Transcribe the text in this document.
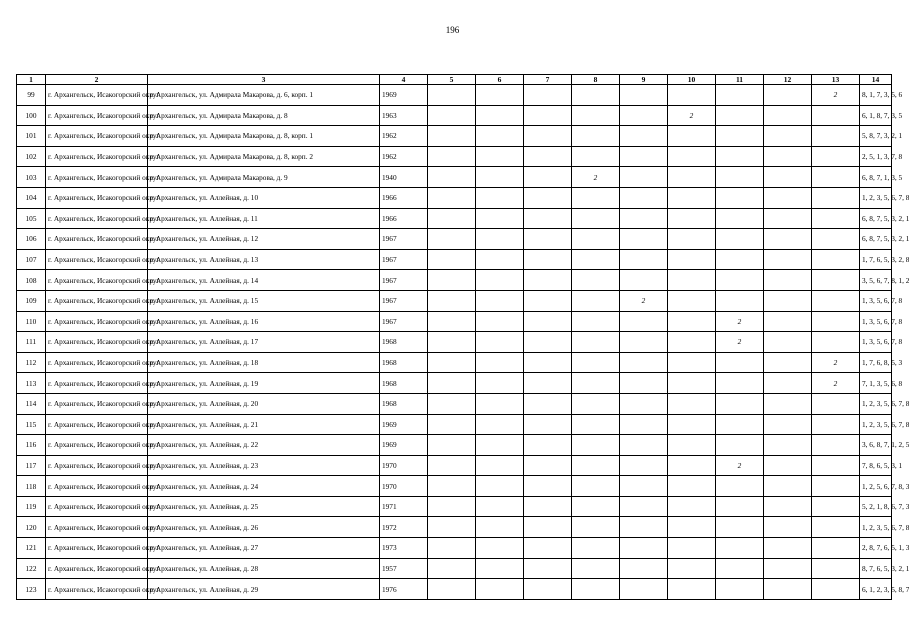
196
1	2	3	4	5	6	7	8	9	10	11	12	13	14
99	г. Архангельск, Исакогорский округ	г. Архангельск, ул. Адмирала Макарова, д. 6, корп. 1	1969									2	8, 1, 7, 3, 5, 6
100	г. Архангельск, Исакогорский округ	г. Архангельск, ул. Адмирала Макарова, д. 8	1963						2				6, 1, 8, 7, 3, 5
101	г. Архангельск, Исакогорский округ	г. Архангельск, ул. Адмирала Макарова, д. 8, корп. 1	1962										5, 8, 7, 3, 2, 1
102	г. Архангельск, Исакогорский округ	г. Архангельск, ул. Адмирала Макарова, д. 8, корп. 2	1962										2, 5, 1, 3, 7, 8
103	г. Архангельск, Исакогорский округ	г. Архангельск, ул. Адмирала Макарова, д. 9	1940				2						6, 8, 7, 1, 3, 5
104	г. Архангельск, Исакогорский округ	г. Архангельск, ул. Аллейная, д. 10	1966										1, 2, 3, 5, 6, 7, 8
105	г. Архангельск, Исакогорский округ	г. Архангельск, ул. Аллейная, д. 11	1966										6, 8, 7, 5, 3, 2, 1
106	г. Архангельск, Исакогорский округ	г. Архангельск, ул. Аллейная, д. 12	1967										6, 8, 7, 5, 3, 2, 1
107	г. Архангельск, Исакогорский округ	г. Архангельск, ул. Аллейная, д. 13	1967										1, 7, 6, 5, 3, 2, 8
108	г. Архангельск, Исакогорский округ	г. Архангельск, ул. Аллейная, д. 14	1967										3, 5, 6, 7, 8, 1, 2
109	г. Архангельск, Исакогорский округ	г. Архангельск, ул. Аллейная, д. 15	1967					2					1, 3, 5, 6, 7, 8
110	г. Архангельск, Исакогорский округ	г. Архангельск, ул. Аллейная, д. 16	1967							2			1, 3, 5, 6, 7, 8
111	г. Архангельск, Исакогорский округ	г. Архангельск, ул. Аллейная, д. 17	1968							2			1, 3, 5, 6, 7, 8
112	г. Архангельск, Исакогорский округ	г. Архангельск, ул. Аллейная, д. 18	1968									2	1, 7, 6, 8, 5, 3
113	г. Архангельск, Исакогорский округ	г. Архангельск, ул. Аллейная, д. 19	1968									2	7, 1, 3, 5, 6, 8
114	г. Архангельск, Исакогорский округ	г. Архангельск, ул. Аллейная, д. 20	1968										1, 2, 3, 5, 6, 7, 8
115	г. Архангельск, Исакогорский округ	г. Архангельск, ул. Аллейная, д. 21	1969										1, 2, 3, 5, 6, 7, 8
116	г. Архангельск, Исакогорский округ	г. Архангельск, ул. Аллейная, д. 22	1969										3, 6, 8, 7, 1, 2, 5
117	г. Архангельск, Исакогорский округ	г. Архангельск, ул. Аллейная, д. 23	1970							2			7, 8, 6, 5, 3, 1
118	г. Архангельск, Исакогорский округ	г. Архангельск, ул. Аллейная, д. 24	1970										1, 2, 5, 6, 7, 8, 3
119	г. Архангельск, Исакогорский округ	г. Архангельск, ул. Аллейная, д. 25	1971										5, 2, 1, 8, 6, 7, 3
120	г. Архангельск, Исакогорский округ	г. Архангельск, ул. Аллейная, д. 26	1972										1, 2, 3, 5, 6, 7, 8
121	г. Архангельск, Исакогорский округ	г. Архангельск, ул. Аллейная, д. 27	1973										2, 8, 7, 6, 5, 1, 3
122	г. Архангельск, Исакогорский округ	г. Архангельск, ул. Аллейная, д. 28	1957										8, 7, 6, 5, 3, 2, 1
123	г. Архангельск, Исакогорский округ	г. Архангельск, ул. Аллейная, д. 29	1976										6, 1, 2, 3, 5, 8, 7
